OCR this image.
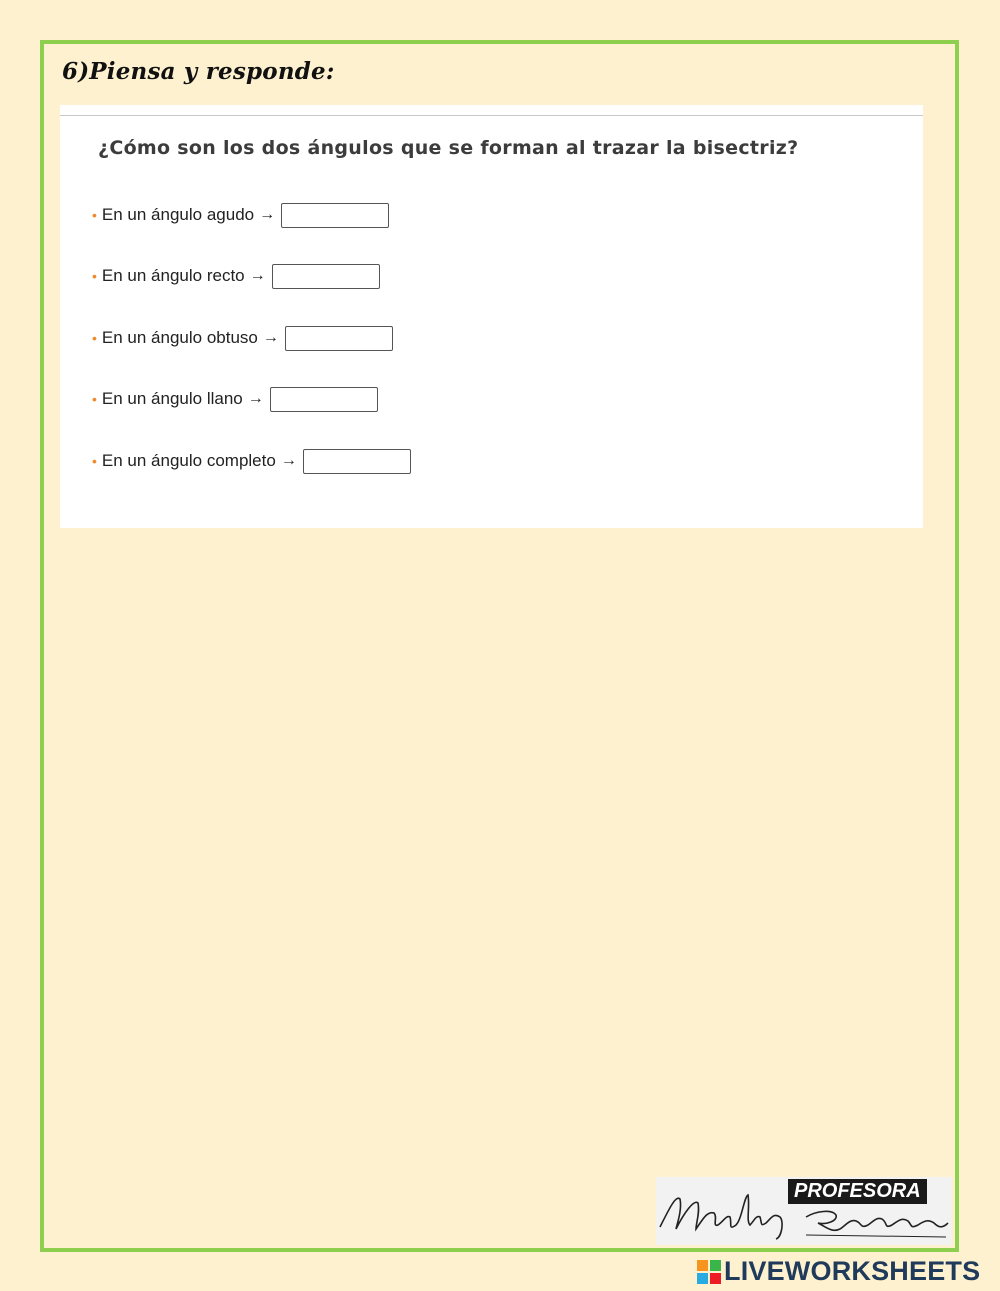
6)Piensa y responde:
¿Cómo son los dos ángulos que se forman al trazar la bisectriz?
• En un ángulo agudo →
• En un ángulo recto →
• En un ángulo obtuso →
• En un ángulo llano →
• En un ángulo completo →
PROFESORA
LIVEWORKSHEETS
